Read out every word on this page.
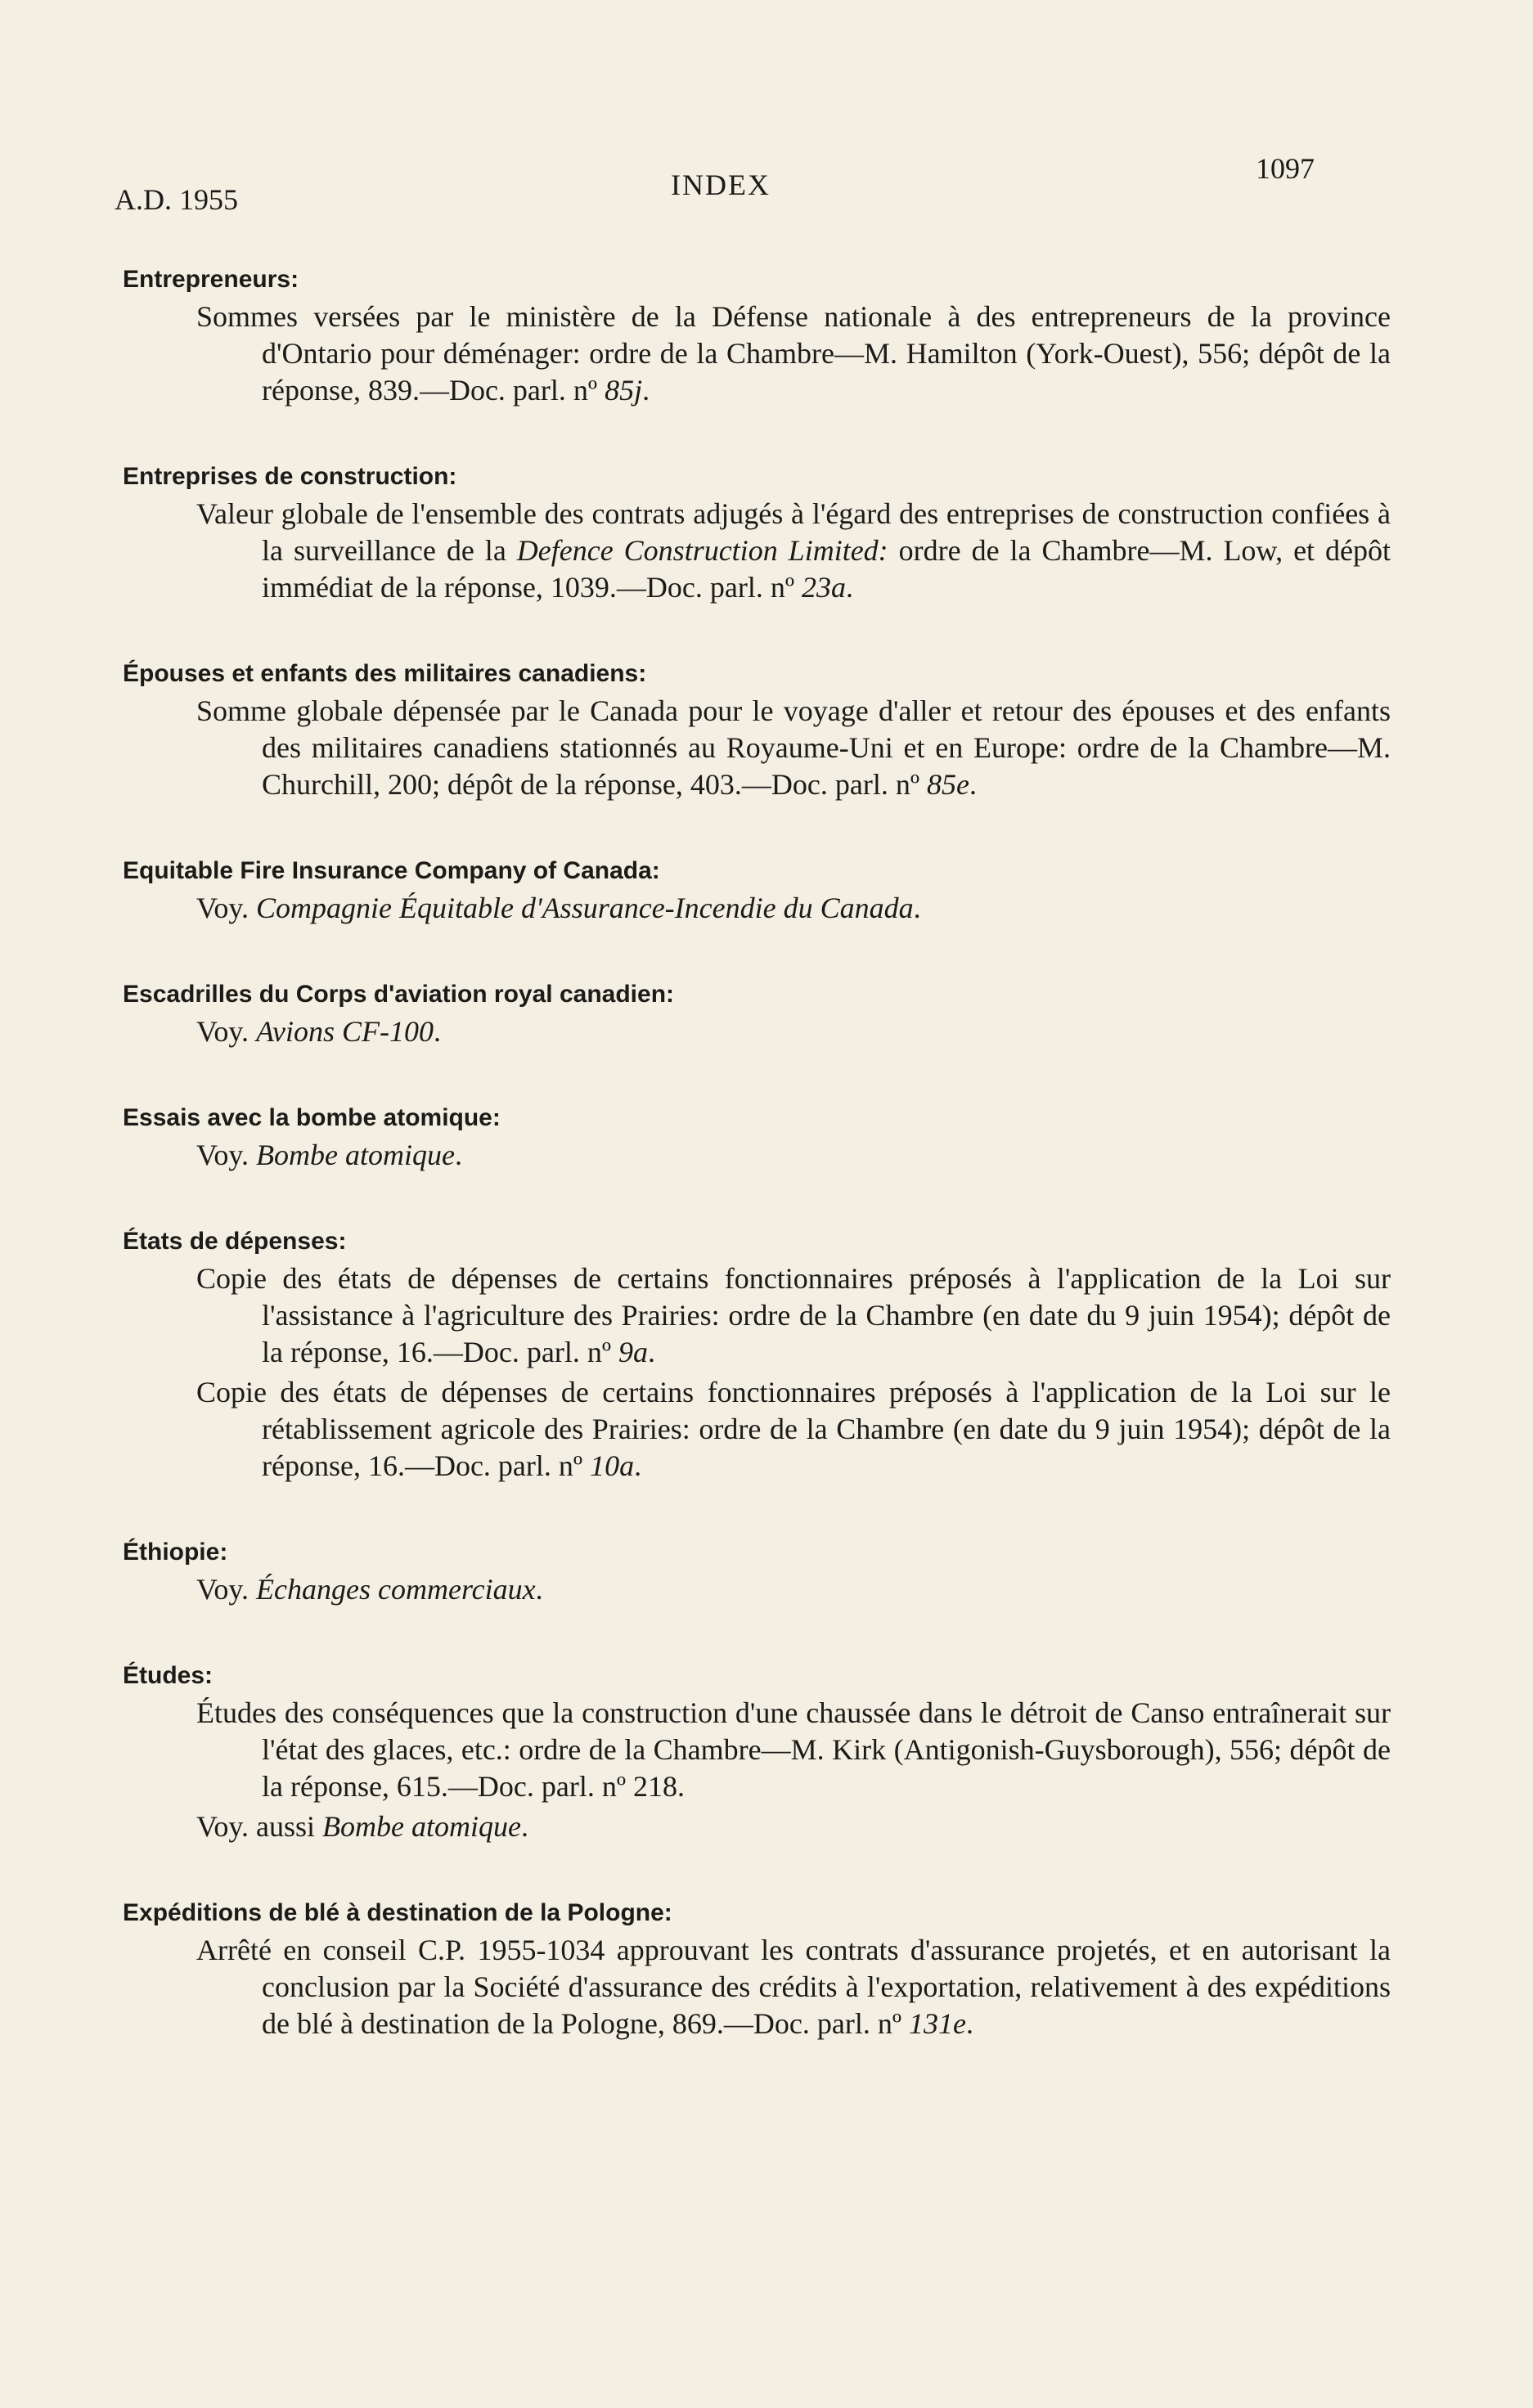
A.D. 1955	INDEX	1097
Entrepreneurs:

Sommes versées par le ministère de la Défense nationale à des entrepreneurs de la province d'Ontario pour déménager: ordre de la Chambre—M. Hamilton (York-Ouest), 556; dépôt de la réponse, 839.—Doc. parl. nº 85j.

Entreprises de construction:

Valeur globale de l'ensemble des contrats adjugés à l'égard des entreprises de construction confiées à la surveillance de la Defence Construction Limited: ordre de la Chambre—M. Low, et dépôt immédiat de la réponse, 1039.—Doc. parl. nº 23a.

Épouses et enfants des militaires canadiens:

Somme globale dépensée par le Canada pour le voyage d'aller et retour des épouses et des enfants des militaires canadiens stationnés au Royaume-Uni et en Europe: ordre de la Chambre—M. Churchill, 200; dépôt de la réponse, 403.—Doc. parl. nº 85e.

Equitable Fire Insurance Company of Canada:

Voy. Compagnie Équitable d'Assurance-Incendie du Canada.

Escadrilles du Corps d'aviation royal canadien:

Voy. Avions CF-100.

Essais avec la bombe atomique:

Voy. Bombe atomique.

États de dépenses:

Copie des états de dépenses de certains fonctionnaires préposés à l'application de la Loi sur l'assistance à l'agriculture des Prairies: ordre de la Chambre (en date du 9 juin 1954); dépôt de la réponse, 16.—Doc. parl. nº 9a.

Copie des états de dépenses de certains fonctionnaires préposés à l'application de la Loi sur le rétablissement agricole des Prairies: ordre de la Chambre (en date du 9 juin 1954); dépôt de la réponse, 16.—Doc. parl. nº 10a.

Éthiopie:

Voy. Échanges commerciaux.

Études:

Études des conséquences que la construction d'une chaussée dans le détroit de Canso entraînerait sur l'état des glaces, etc.: ordre de la Chambre—M. Kirk (Antigonish-Guysborough), 556; dépôt de la réponse, 615.—Doc. parl. nº 218.

Voy. aussi Bombe atomique.

Expéditions de blé à destination de la Pologne:

Arrêté en conseil C.P. 1955-1034 approuvant les contrats d'assurance projetés, et en autorisant la conclusion par la Société d'assurance des crédits à l'exportation, relativement à des expéditions de blé à destination de la Pologne, 869.—Doc. parl. nº 131e.
